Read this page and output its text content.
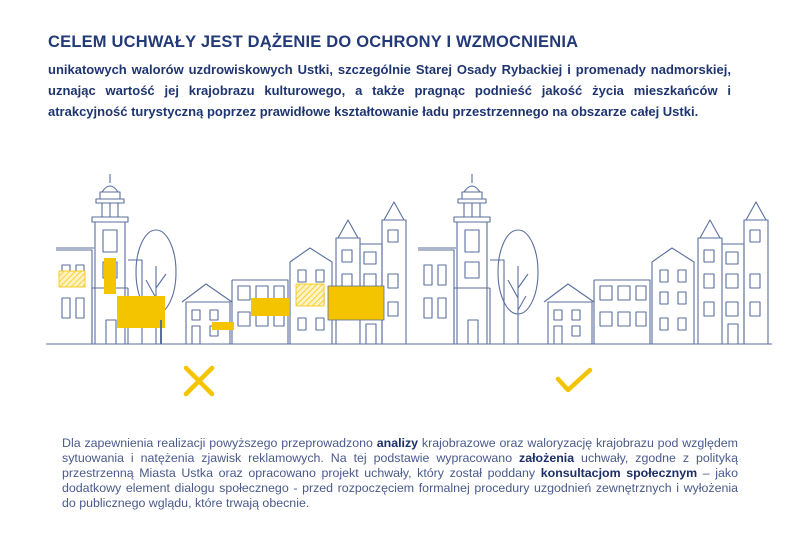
CELEM UCHWAŁY JEST DĄŻENIE DO OCHRONY I WZMOCNIENIA

unikatowych walorów uzdrowiskowych Ustki, szczególnie Starej Osady Rybackiej i promenady nadmorskiej, uznając wartość jej krajobrazu kulturowego, a także pragnąc podnieść jakość życia mieszkańców i atrakcyjność turystyczną poprzez prawidłowe kształtowanie ładu przestrzennego na obszarze całej Ustki.

Dla zapewnienia realizacji powyższego przeprowadzono analizy krajobrazowe oraz waloryzację krajobrazu pod względem sytuowania i natężenia zjawisk reklamowych. Na tej podstawie wypracowano założenia uchwały, zgodne z polityką przestrzenną Miasta Ustka oraz opracowano projekt uchwały, który został poddany konsultacjom społecznym – jako dodatkowy element dialogu społecznego - przed rozpoczęciem formalnej procedury uzgodnień zewnętrznych i wyłożenia do publicznego wglądu, które trwają obecnie.
